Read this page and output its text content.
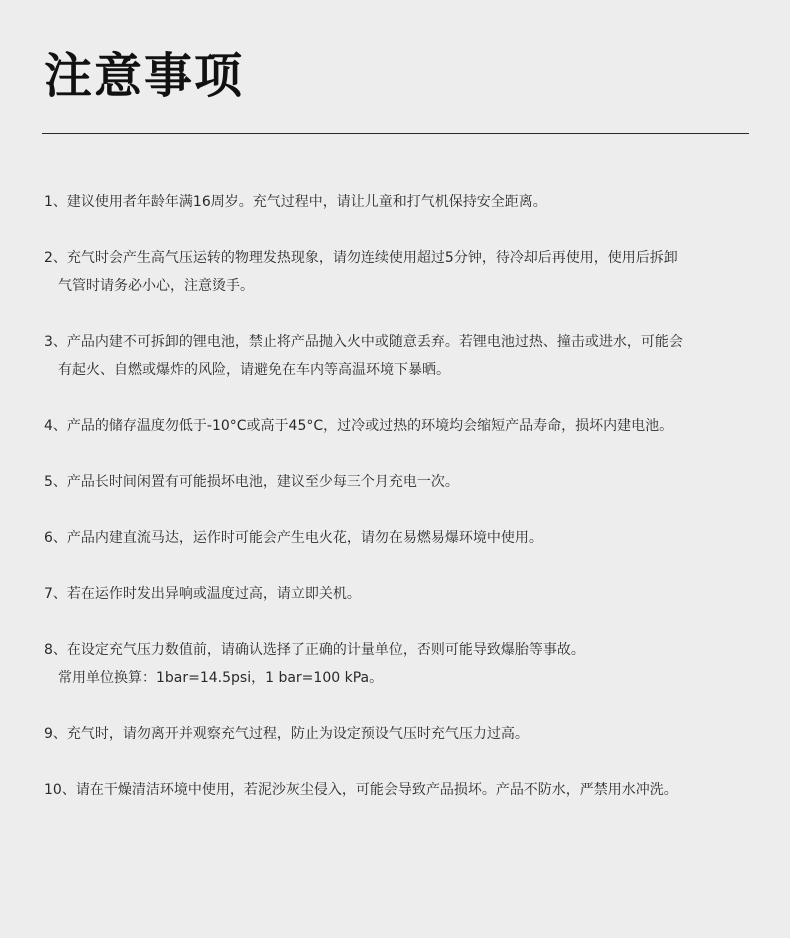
注意事项
1、建议使用者年龄年满16周岁。充气过程中，请让儿童和打气机保持安全距离。
2、充气时会产生高气压运转的物理发热现象，请勿连续使用超过5分钟，待冷却后再使用，使用后拆卸
气管时请务必小心，注意烫手。
3、产品内建不可拆卸的锂电池，禁止将产品抛入火中或随意丢弃。若锂电池过热、撞击或进水，可能会
有起火、自燃或爆炸的风险，请避免在车内等高温环境下暴晒。
4、产品的储存温度勿低于-10°C或高于45°C，过冷或过热的环境均会缩短产品寿命，损坏内建电池。
5、产品长时间闲置有可能损坏电池，建议至少每三个月充电一次。
6、产品内建直流马达，运作时可能会产生电火花，请勿在易燃易爆环境中使用。
7、若在运作时发出异响或温度过高，请立即关机。
8、在设定充气压力数值前，请确认选择了正确的计量单位，否则可能导致爆胎等事故。
常用单位换算：1bar=14.5psi，1 bar=100 kPa。
9、充气时，请勿离开并观察充气过程，防止为设定预设气压时充气压力过高。
10、请在干燥清洁环境中使用，若泥沙灰尘侵入，可能会导致产品损坏。产品不防水，严禁用水冲洗。
